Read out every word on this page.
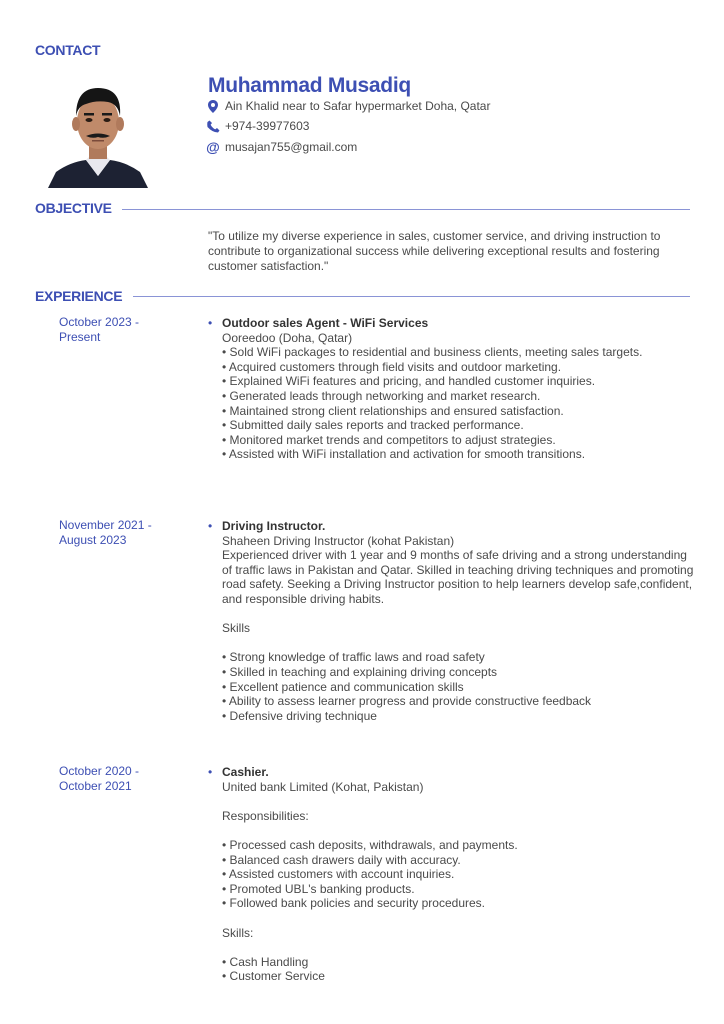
CONTACT
Muhammad Musadiq
Ain Khalid near to Safar hypermarket Doha, Qatar
+974-39977603
@ musajan755@gmail.com
OBJECTIVE
"To utilize my diverse experience in sales, customer service, and driving instruction to contribute to organizational success while delivering exceptional results and fostering customer satisfaction."
EXPERIENCE
October 2023 -
Present
• Outdoor sales Agent - WiFi Services
Ooreedoo (Doha, Qatar)
• Sold WiFi packages to residential and business clients, meeting sales targets.
• Acquired customers through field visits and outdoor marketing.
• Explained WiFi features and pricing, and handled customer inquiries.
• Generated leads through networking and market research.
• Maintained strong client relationships and ensured satisfaction.
• Submitted daily sales reports and tracked performance.
• Monitored market trends and competitors to adjust strategies.
• Assisted with WiFi installation and activation for smooth transitions.
November 2021 -
August 2023
• Driving Instructor.
Shaheen Driving Instructor (kohat Pakistan)
Experienced driver with 1 year and 9 months of safe driving and a strong understanding of traffic laws in Pakistan and Qatar. Skilled in teaching driving techniques and promoting road safety. Seeking a Driving Instructor position to help learners develop safe,confident, and responsible driving habits.
Skills
• Strong knowledge of traffic laws and road safety
• Skilled in teaching and explaining driving concepts
• Excellent patience and communication skills
• Ability to assess learner progress and provide constructive feedback
• Defensive driving technique
October 2020 -
October 2021
• Cashier.
United bank Limited (Kohat, Pakistan)
Responsibilities:
• Processed cash deposits, withdrawals, and payments.
• Balanced cash drawers daily with accuracy.
• Assisted customers with account inquiries.
• Promoted UBL's banking products.
• Followed bank policies and security procedures.
Skills:
• Cash Handling
• Customer Service
